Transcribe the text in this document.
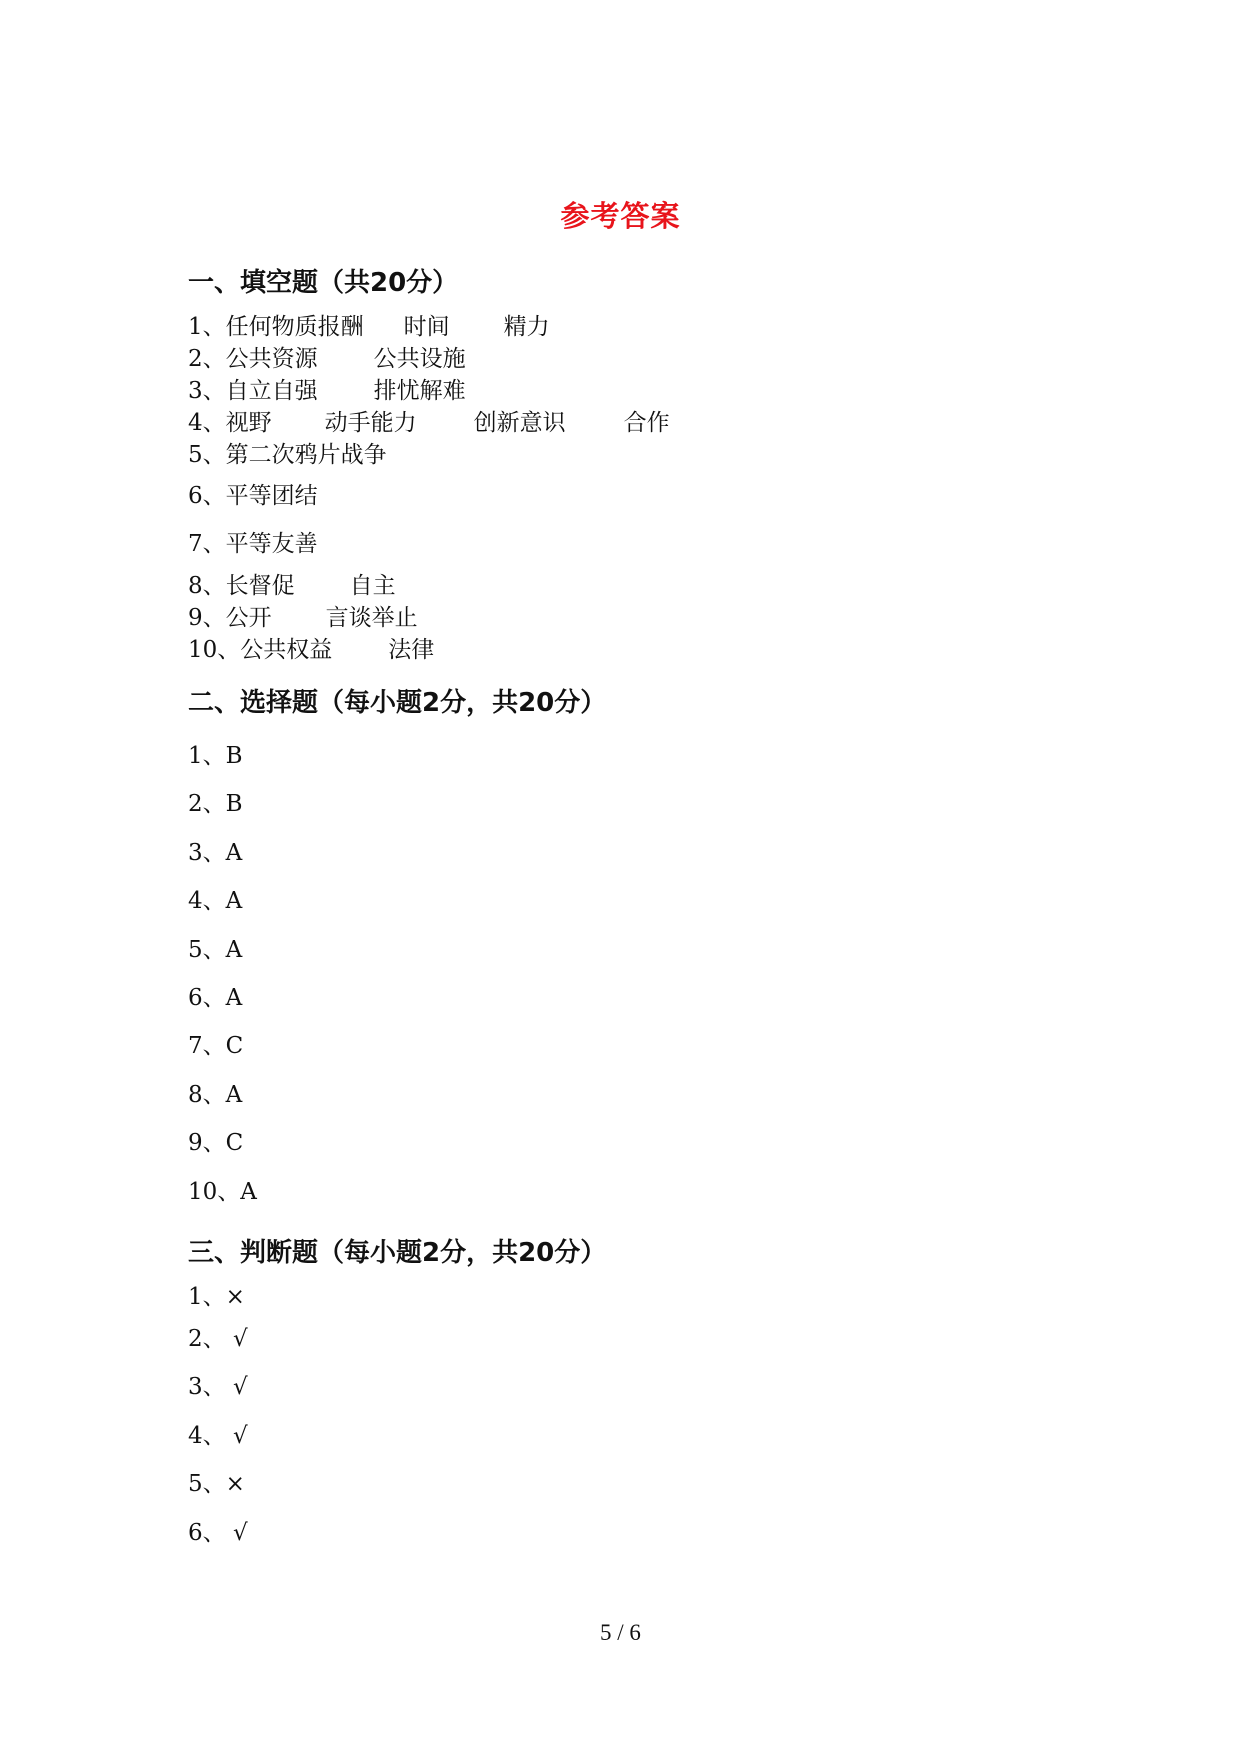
参考答案
一、填空题（共20分）
1、任何物质报酬 时间 精力
2、公共资源 公共设施
3、自立自强 排忧解难
4、视野 动手能力 创新意识	合作
5、第二次鸦片战争
6、平等团结
7、平等友善
8、长督促 自主
9、公开 言谈举止
10、公共权益 法律
二、选择题（每小题2分，共20分）
1、B
2、B
3、A
4、A
5、A
6、A
7、C
8、A
9、C
10、A
三、判断题（每小题2分，共20分）
1、×
2、 √
3、 √
4、 √
5、×
6、 √
5 / 6
